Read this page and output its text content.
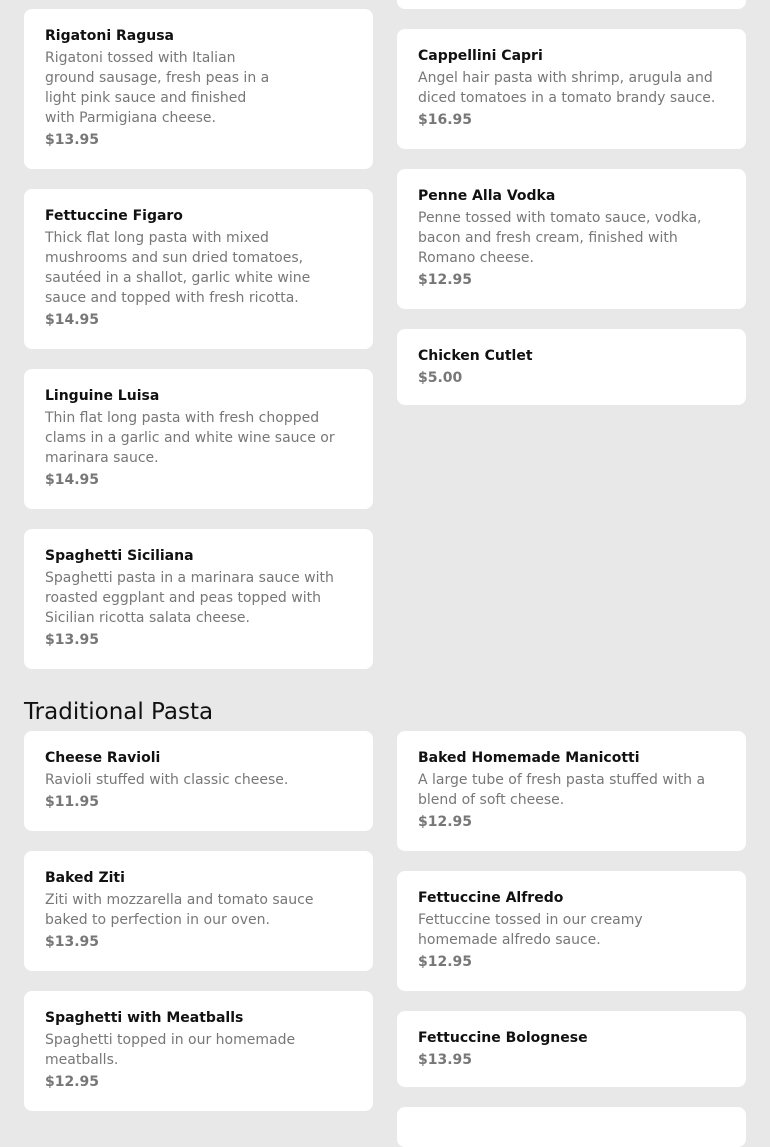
Rigatoni Ragusa
Rigatoni tossed with Italian
ground sausage, fresh peas in a
light pink sauce and finished
with Parmigiana cheese.
$13.95
Fettuccine Figaro
Thick flat long pasta with mixed mushrooms and sun dried tomatoes, sautéed in a shallot, garlic white wine sauce and topped with fresh ricotta.
$14.95
Linguine Luisa
Thin flat long pasta with fresh chopped clams in a garlic and white wine sauce or marinara sauce.
$14.95
Spaghetti Siciliana
Spaghetti pasta in a marinara sauce with roasted eggplant and peas topped with Sicilian ricotta salata cheese.
$13.95
Cappellini Capri
Angel hair pasta with shrimp, arugula and diced tomatoes in a tomato brandy sauce.
$16.95
Penne Alla Vodka
Penne tossed with tomato sauce, vodka, bacon and fresh cream, finished with Romano cheese.
$12.95
Chicken Cutlet
$5.00
Traditional Pasta
Cheese Ravioli
Ravioli stuffed with classic cheese.
$11.95
Baked Ziti
Ziti with mozzarella and tomato sauce baked to perfection in our oven.
$13.95
Spaghetti with Meatballs
Spaghetti topped in our homemade meatballs.
$12.95
Baked Homemade Manicotti
A large tube of fresh pasta stuffed with a blend of soft cheese.
$12.95
Fettuccine Alfredo
Fettuccine tossed in our creamy homemade alfredo sauce.
$12.95
Fettuccine Bolognese
$13.95
